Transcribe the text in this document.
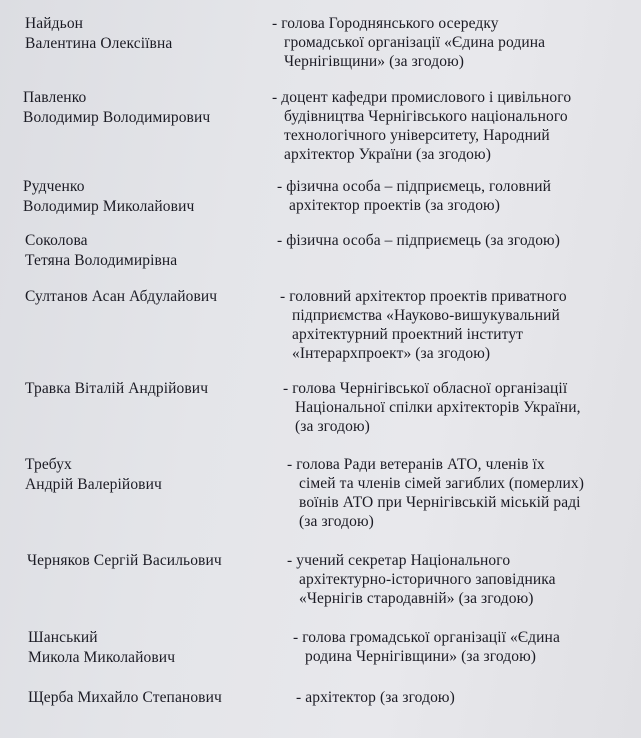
Найдьон
Валентина Олексіївна
- голова Городнянського осередку
громадської організації «Єдина родина
Чернігівщини» (за згодою)
Павленко
Володимир Володимирович
- доцент кафедри промислового і цивільного
будівництва Чернігівського національного
технологічного університету, Народний
архітектор України (за згодою)
Рудченко
Володимир Миколайович
- фізична особа – підприємець, головний
архітектор проектів (за згодою)
Соколова
Тетяна Володимирівна
- фізична особа – підприємець (за згодою)
Султанов Асан Абдулайович	- головний архітектор проектів приватного
підприємства «Науково-вишукувальний
архітектурний проектний інститут
«Інтерархпроект» (за згодою)
Травка Віталій Андрійович	- голова Чернігівської обласної організації
Національної спілки архітекторів України,
(за згодою)
Требух
Андрій Валерійович
- голова Ради ветеранів АТО, членів їх
сімей та членів сімей загиблих (померлих)
воїнів АТО при Чернігівській міській раді
(за згодою)
Черняков Сергій Васильович	- учений секретар Національного
архітектурно-історичного заповідника
«Чернігів стародавній» (за згодою)
Шанський
Микола Миколайович
- голова громадської організації «Єдина
родина Чернігівщини» (за згодою)
Щерба Михайло Степанович	- архітектор (за згодою)
